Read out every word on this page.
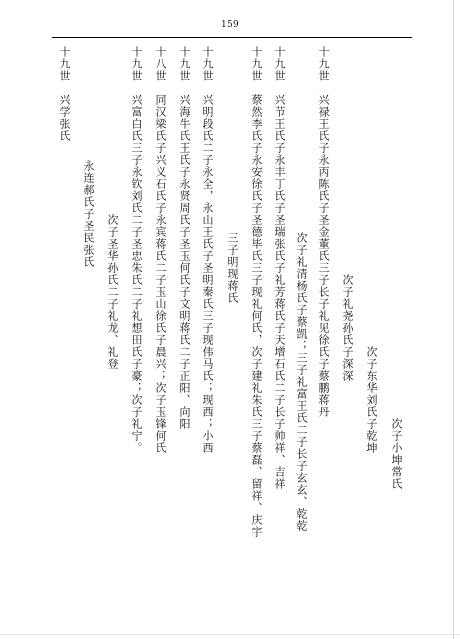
159
十九世　兴禄王氏子永丙陈氏子圣金董氏三子长子礼见徐氏子蔡鹏蒋丹 次子礼尧孙氏子深深
次子东华刘氏子乾坤 次子小坤常氏
十九世　兴节王氏子永丰丁氏子圣瑞张氏子礼芳蒋氏子天增石氏二子长子帅祥、吉祥 次子礼清杨氏子蔡凯；三子礼富王氏二子长子玄玄、乾乾
十九世　蔡然李氏子永安徐氏子圣德毕氏三子现礼何氏，次子建礼朱氏三子蔡磊、留祥、庆宇
三子明现蒋氏
十九世　兴明段氏二子永全，永山王氏子圣明秦氏三子现伟马氏；现西；小西
十九世　兴海牛氏王氏子永贤周氏子圣玉何氏子文明蒋氏二子正阳、向阳
十八世　同汉梁氏子兴义石氏子永宾蒋氏二子玉山徐氏子晨兴；次子玉锋何氏
十九世　兴富白氏三子永钦刘氏二子圣忠朱氏二子礼想田氏子豪；次子礼宁。
次子圣华孙氏二子礼龙、礼登
永连郝氏子圣民张氏
十九世　兴学张氏
